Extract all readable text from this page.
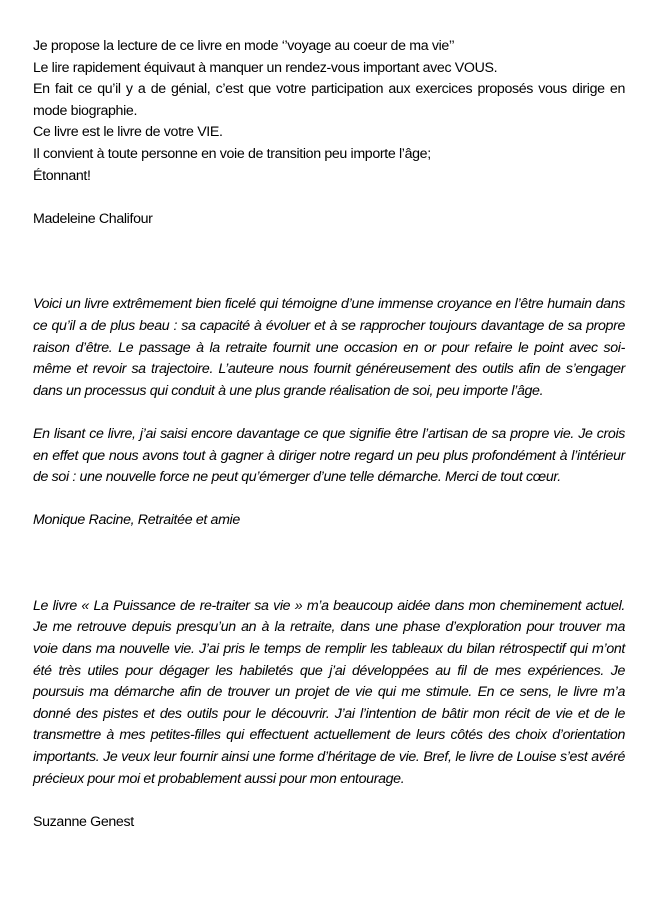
Je propose la lecture de ce livre en mode ‘’voyage au coeur de ma vie’’
Le lire rapidement équivaut à manquer un rendez-vous important avec VOUS.

En fait ce qu’il y a de génial, c’est que votre participation aux exercices proposés vous dirige en mode biographie.

Ce livre est le livre de votre VIE.
Il convient à toute personne en voie de transition peu importe l’âge;
Étonnant!
Madeleine Chalifour

Voici un livre extrêmement bien ficelé qui témoigne d’une immense croyance en l’être humain dans ce qu’il a de plus beau : sa capacité à évoluer et à se rapprocher toujours davantage de sa propre raison d’être. Le passage à la retraite fournit une occasion en or pour refaire le point avec soi-même et revoir sa trajectoire. L’auteure nous fournit généreusement des outils afin de s’engager dans un processus qui conduit à une plus grande réalisation de soi, peu importe l’âge.

En lisant ce livre, j’ai saisi encore davantage ce que signifie être l’artisan de sa propre vie. Je crois en effet que nous avons tout à gagner à diriger notre regard un peu plus profondément à l’intérieur de soi : une nouvelle force ne peut qu’émerger d’une telle démarche. Merci de tout cœur.

Monique Racine, Retraitée et amie

Le livre « La Puissance de re-traiter sa vie » m’a beaucoup aidée dans mon cheminement actuel. Je me retrouve depuis presqu’un an à la retraite, dans une phase d’exploration pour trouver ma voie dans ma nouvelle vie. J’ai pris le temps de remplir les tableaux du bilan rétrospectif qui m’ont été très utiles pour dégager les habiletés que j’ai développées au fil de mes expériences. Je poursuis ma démarche afin de trouver un projet de vie qui me stimule. En ce sens, le livre m’a donné des pistes et des outils pour le découvrir. J’ai l’intention de bâtir mon récit de vie et de le transmettre à mes petites-filles qui effectuent actuellement de leurs côtés des choix d’orientation importants. Je veux leur fournir ainsi une forme d’héritage de vie. Bref, le livre de Louise s’est avéré précieux pour moi et probablement aussi pour mon entourage.

Suzanne Genest
